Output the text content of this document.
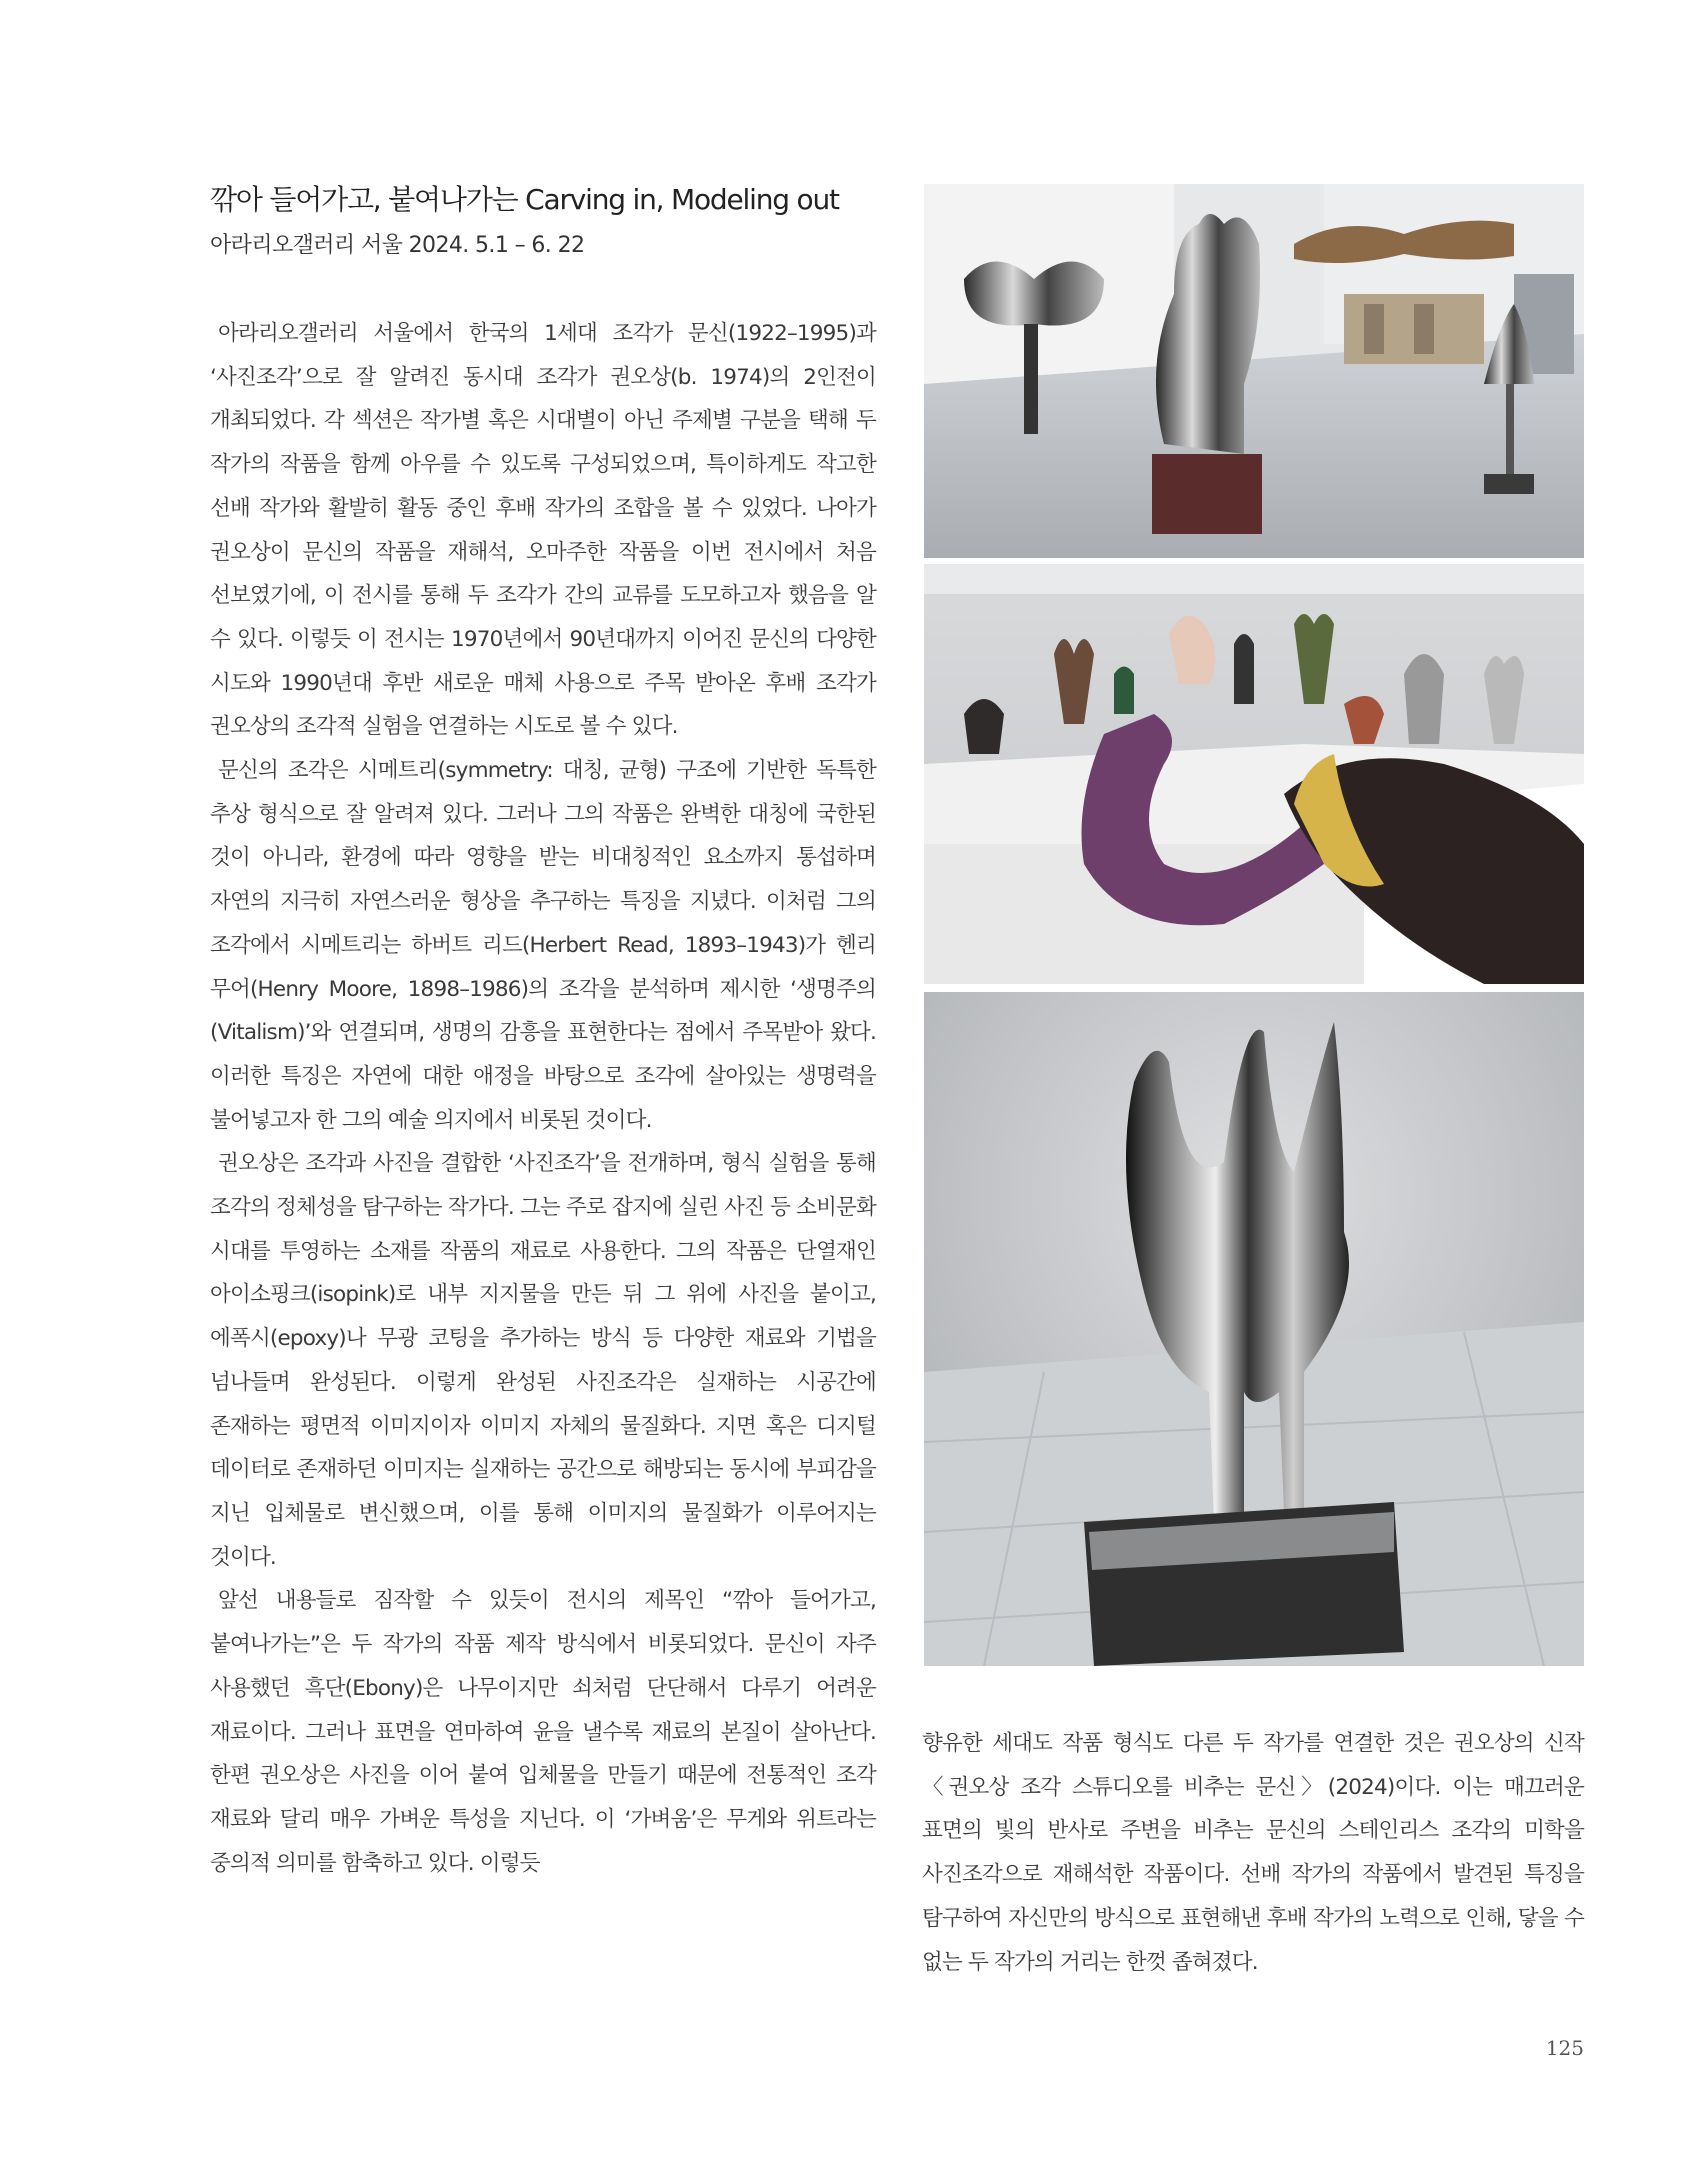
깎아 들어가고, 붙여나가는 Carving in, Modeling out
아라리오갤러리 서울 2024. 5.1 – 6. 22

아라리오갤러리 서울에서 한국의 1세대 조각가 문신(1922–1995)과 ‘사진조각’으로 잘 알려진 동시대 조각가 권오상(b. 1974)의 2인전이 개최되었다. 각 섹션은 작가별 혹은 시대별이 아닌 주제별 구분을 택해 두 작가의 작품을 함께 아우를 수 있도록 구성되었으며, 특이하게도 작고한 선배 작가와 활발히 활동 중인 후배 작가의 조합을 볼 수 있었다. 나아가 권오상이 문신의 작품을 재해석, 오마주한 작품을 이번 전시에서 처음 선보였기에, 이 전시를 통해 두 조각가 간의 교류를 도모하고자 했음을 알 수 있다. 이렇듯 이 전시는 1970년에서 90년대까지 이어진 문신의 다양한 시도와 1990년대 후반 새로운 매체 사용으로 주목 받아온 후배 조각가 권오상의 조각적 실험을 연결하는 시도로 볼 수 있다.

문신의 조각은 시메트리(symmetry: 대칭, 균형) 구조에 기반한 독특한 추상 형식으로 잘 알려져 있다. 그러나 그의 작품은 완벽한 대칭에 국한된 것이 아니라, 환경에 따라 영향을 받는 비대칭적인 요소까지 통섭하며 자연의 지극히 자연스러운 형상을 추구하는 특징을 지녔다. 이처럼 그의 조각에서 시메트리는 하버트 리드(Herbert Read, 1893–1943)가 헨리 무어(Henry Moore, 1898–1986)의 조각을 분석하며 제시한 ‘생명주의(Vitalism)’와 연결되며, 생명의 감흥을 표현한다는 점에서 주목받아 왔다. 이러한 특징은 자연에 대한 애정을 바탕으로 조각에 살아있는 생명력을 불어넣고자 한 그의 예술 의지에서 비롯된 것이다.

권오상은 조각과 사진을 결합한 ‘사진조각’을 전개하며, 형식 실험을 통해 조각의 정체성을 탐구하는 작가다. 그는 주로 잡지에 실린 사진 등 소비문화 시대를 투영하는 소재를 작품의 재료로 사용한다. 그의 작품은 단열재인 아이소핑크(isopink)로 내부 지지물을 만든 뒤 그 위에 사진을 붙이고, 에폭시(epoxy)나 무광 코팅을 추가하는 방식 등 다양한 재료와 기법을 넘나들며 완성된다. 이렇게 완성된 사진조각은 실재하는 시공간에 존재하는 평면적 이미지이자 이미지 자체의 물질화다. 지면 혹은 디지털 데이터로 존재하던 이미지는 실재하는 공간으로 해방되는 동시에 부피감을 지닌 입체물로 변신했으며, 이를 통해 이미지의 물질화가 이루어지는 것이다.

앞선 내용들로 짐작할 수 있듯이 전시의 제목인 “깎아 들어가고, 붙여나가는”은 두 작가의 작품 제작 방식에서 비롯되었다. 문신이 자주 사용했던 흑단(Ebony)은 나무이지만 쇠처럼 단단해서 다루기 어려운 재료이다. 그러나 표면을 연마하여 윤을 낼수록 재료의 본질이 살아난다. 한편 권오상은 사진을 이어 붙여 입체물을 만들기 때문에 전통적인 조각 재료와 달리 매우 가벼운 특성을 지닌다. 이 ‘가벼움’은 무게와 위트라는 중의적 의미를 함축하고 있다. 이렇듯

향유한 세대도 작품 형식도 다른 두 작가를 연결한 것은 권오상의 신작 〈권오상 조각 스튜디오를 비추는 문신〉(2024)이다. 이는 매끄러운 표면의 빛의 반사로 주변을 비추는 문신의 스테인리스 조각의 미학을 사진조각으로 재해석한 작품이다. 선배 작가의 작품에서 발견된 특징을 탐구하여 자신만의 방식으로 표현해낸 후배 작가의 노력으로 인해, 닿을 수 없는 두 작가의 거리는 한껏 좁혀졌다.

125
